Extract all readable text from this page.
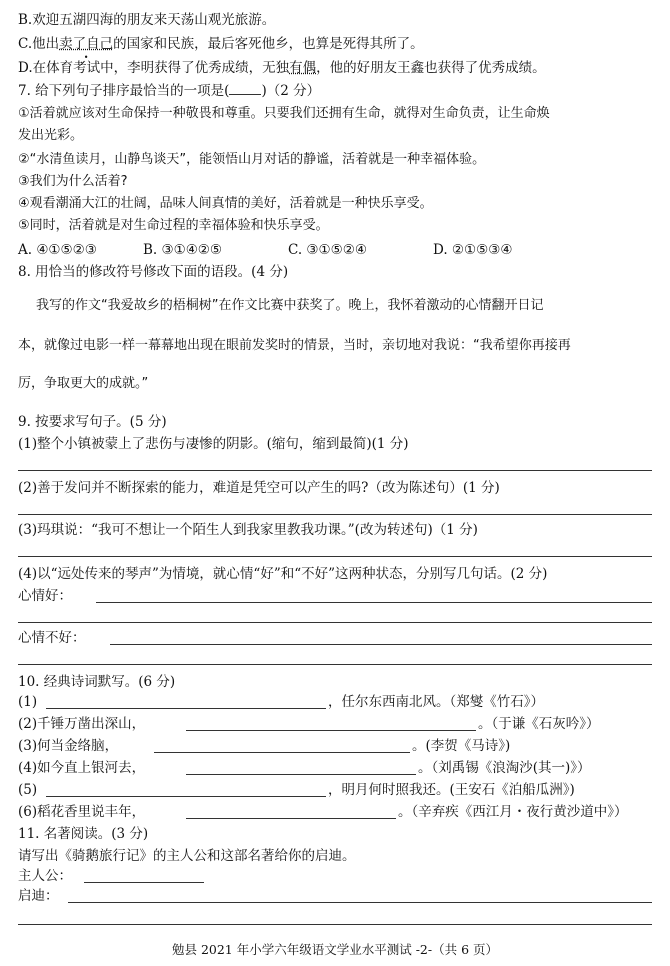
B.欢迎五湖四海的朋友来天荡山观光旅游。
C.他出卖了自己的国家和民族，最后客死他乡，也算是死得其所了。
D.在体育考试中，李明获得了优秀成绩，无独有偶，他的好朋友王鑫也获得了优秀成绩。
7. 给下列句子排序最恰当的一项是( )（2 分）
①活着就应该对生命保持一种敬畏和尊重。只要我们还拥有生命，就得对生命负责，让生命焕
发出光彩。
②“水清鱼读月，山静鸟谈天”，能领悟山月对话的静谧，活着就是一种幸福体验。
③我们为什么活着?
④观看潮涌大江的壮阔，品味人间真情的美好，活着就是一种快乐享受。
⑤同时，活着就是对生命过程的幸福体验和快乐享受。
A. ④①⑤②③	B. ③①④②⑤	C. ③①⑤②④	D. ②①⑤③④
8. 用恰当的修改符号修改下面的语段。(4 分)
我写的作文“我爱故乡的梧桐树”在作文比赛中获奖了。晚上，我怀着激动的心情翻开日记
本，就像过电影一样一幕幕地出现在眼前发奖时的情景，当时，亲切地对我说：“我希望你再接再
厉，争取更大的成就。”
9. 按要求写句子。(5 分)
(1)整个小镇被蒙上了悲伤与凄惨的阴影。(缩句，缩到最简)(1 分)
(2)善于发问并不断探索的能力，难道是凭空可以产生的吗?（改为陈述句）(1 分)
(3)玛琪说：“我可不想让一个陌生人到我家里教我功课。”(改为转述句)（1 分)
(4)以“远处传来的琴声”为情境，就心情“好”和“不好”这两种状态，分别写几句话。(2 分)
心情好：
心情不好：
10. 经典诗词默写。(6 分)
(1)	，任尔东西南北风。（郑燮《竹石》）
(2)千锤万凿出深山，	。（于谦《石灰吟》）
(3)何当金络脑，	。(李贺《马诗》)
(4)如今直上银河去，	。（刘禹锡《浪淘沙(其一)》）
(5)	，明月何时照我还。(王安石《泊船瓜洲》)
(6)稻花香里说丰年，	。（辛弃疾《西江月・夜行黄沙道中》）
11. 名著阅读。(3 分)
请写出《骑鹅旅行记》的主人公和这部名著给你的启迪。
主人公：
启迪：
勉县 2021 年小学六年级语文学业水平测试 -2-（共 6 页）
